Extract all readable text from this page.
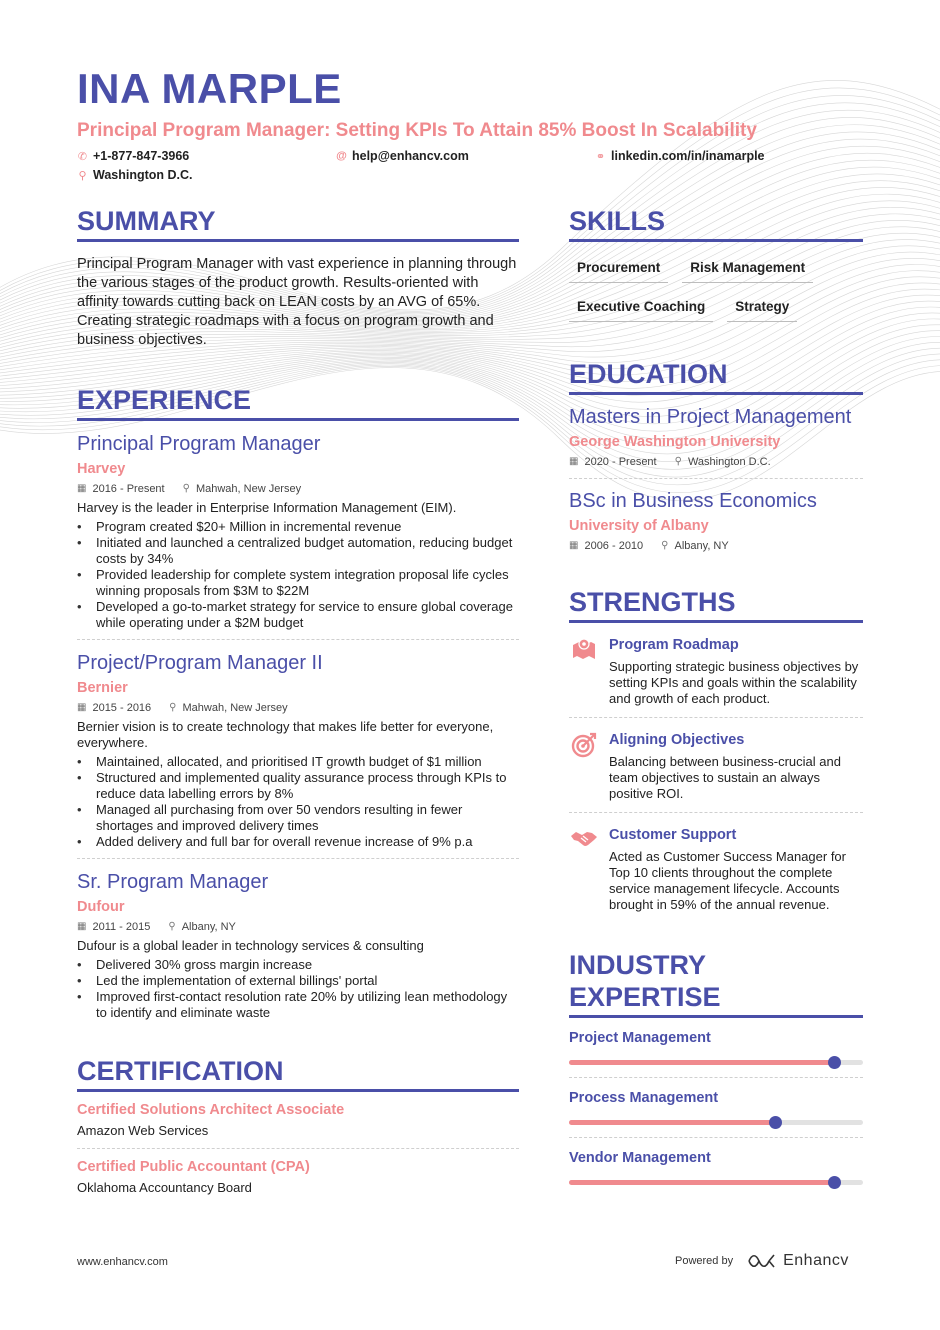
INA MARPLE
Principal Program Manager: Setting KPIs To Attain 85% Boost In Scalability
✆ +1-877-847-3966	@ help@enhancv.com	⚭ linkedin.com/in/inamarple
⚲ Washington D.C.
SUMMARY
Principal Program Manager with vast experience in planning through the various stages of the product growth. Results-oriented with affinity towards cutting back on LEAN costs by an AVG of 65%. Creating strategic roadmaps with a focus on program growth and business objectives.
EXPERIENCE
Principal Program Manager
Harvey
▦ 2016 - Present ⚲ Mahwah, New Jersey
Harvey is the leader in Enterprise Information Management (EIM).
• Program created $20+ Million in incremental revenue
• Initiated and launched a centralized budget automation, reducing budget costs by 34%
• Provided leadership for complete system integration proposal life cycles winning proposals from $3M to $22M
• Developed a go-to-market strategy for service to ensure global coverage while operating under a $2M budget
Project/Program Manager II
Bernier
▦ 2015 - 2016 ⚲ Mahwah, New Jersey
Bernier vision is to create technology that makes life better for everyone, everywhere.
• Maintained, allocated, and prioritised IT growth budget of $1 million
• Structured and implemented quality assurance process through KPIs to reduce data labelling errors by 8%
• Managed all purchasing from over 50 vendors resulting in fewer shortages and improved delivery times
• Added delivery and full bar for overall revenue increase of 9% p.a
Sr. Program Manager
Dufour
▦ 2011 - 2015 ⚲ Albany, NY
Dufour is a global leader in technology services & consulting
• Delivered 30% gross margin increase
• Led the implementation of external billings' portal
• Improved first-contact resolution rate 20% by utilizing lean methodology to identify and eliminate waste
CERTIFICATION
Certified Solutions Architect Associate
Amazon Web Services
Certified Public Accountant (CPA)
Oklahoma Accountancy Board
SKILLS
Procurement	Risk Management
Executive Coaching	Strategy
EDUCATION
Masters in Project Management
George Washington University
▦ 2020 - Present ⚲ Washington D.C.
BSc in Business Economics
University of Albany
▦ 2006 - 2010 ⚲ Albany, NY
STRENGTHS
Program Roadmap
Supporting strategic business objectives by setting KPIs and goals within the scalability and growth of each product.
Aligning Objectives
Balancing between business-crucial and team objectives to sustain an always positive ROI.
Customer Support
Acted as Customer Success Manager for Top 10 clients throughout the complete service management lifecycle. Accounts brought in 59% of the annual revenue.
INDUSTRY
EXPERTISE
Project Management
Process Management
Vendor Management
www.enhancv.com	Powered by	Enhancv
